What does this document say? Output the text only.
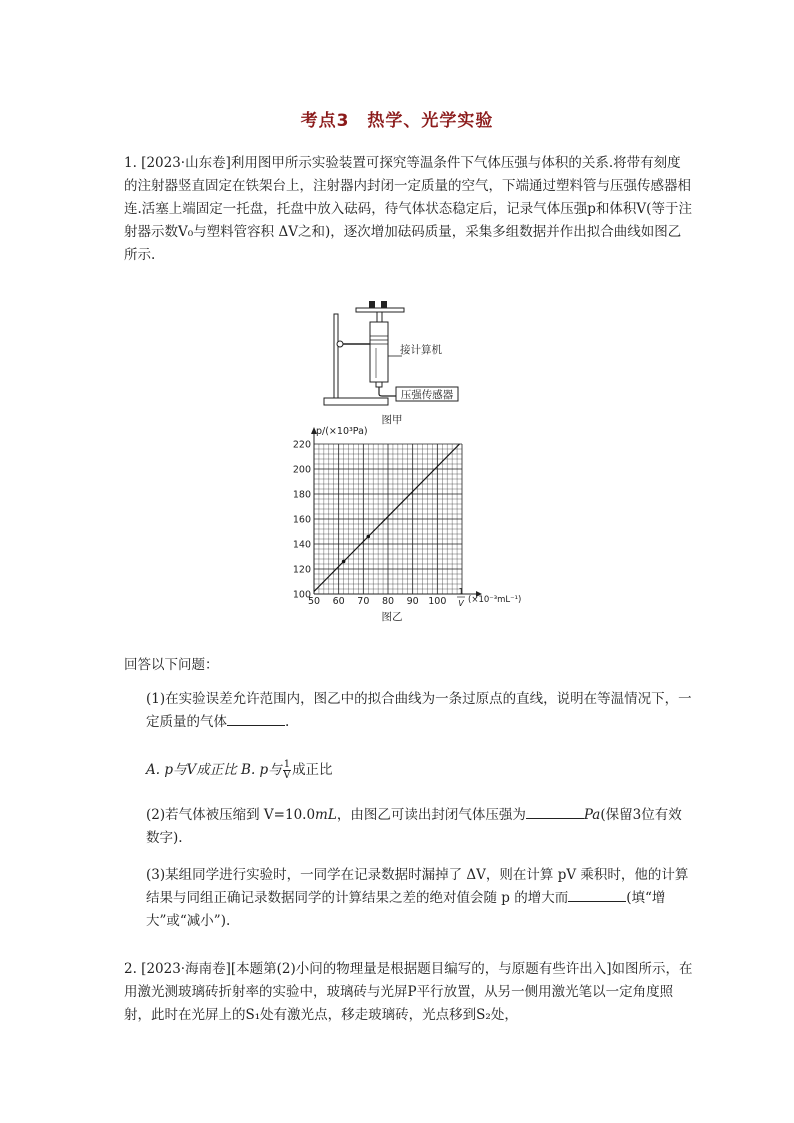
考点3　热学、光学实验
1. [2023·山东卷]利用图甲所示实验装置可探究等温条件下气体压强与体积的关系.将带有刻度的注射器竖直固定在铁架台上，注射器内封闭一定质量的空气，下端通过塑料管与压强传感器相连.活塞上端固定一托盘，托盘中放入砝码，待气体状态稳定后，记录气体压强p和体积V(等于注射器示数V₀与塑料管容积 ΔV之和)，逐次增加砝码质量，采集多组数据并作出拟合曲线如图乙所示.
压强传感器
接计算机
图甲
50 60 70 80 90 100
100
120
140
160
180
200
220
p/(×10³Pa)
1
V (×10⁻³mL⁻¹)
图乙
回答以下问题：
(1)在实验误差允许范围内，图乙中的拟合曲线为一条过原点的直线，说明在等温情况下，一定质量的气体	.
A. p与V成正比 B. p与 $\frac{1}{V}$ 成正比
(2)若气体被压缩到 V=10.0mL，由图乙可读出封闭气体压强为	Pa(保留3位有效数字).
(3)某组同学进行实验时，一同学在记录数据时漏掉了 ΔV，则在计算 pV 乘积时，他的计算结果与同组正确记录数据同学的计算结果之差的绝对值会随 p 的增大而	(填“增大”或“减小”).
2. [2023·海南卷][本题第(2)小问的物理量是根据题目编写的，与原题有些许出入]如图所示，在用激光测玻璃砖折射率的实验中，玻璃砖与光屏P平行放置，从另一侧用激光笔以一定角度照射，此时在光屏上的S₁处有激光点，移走玻璃砖，光点移到S₂处，
